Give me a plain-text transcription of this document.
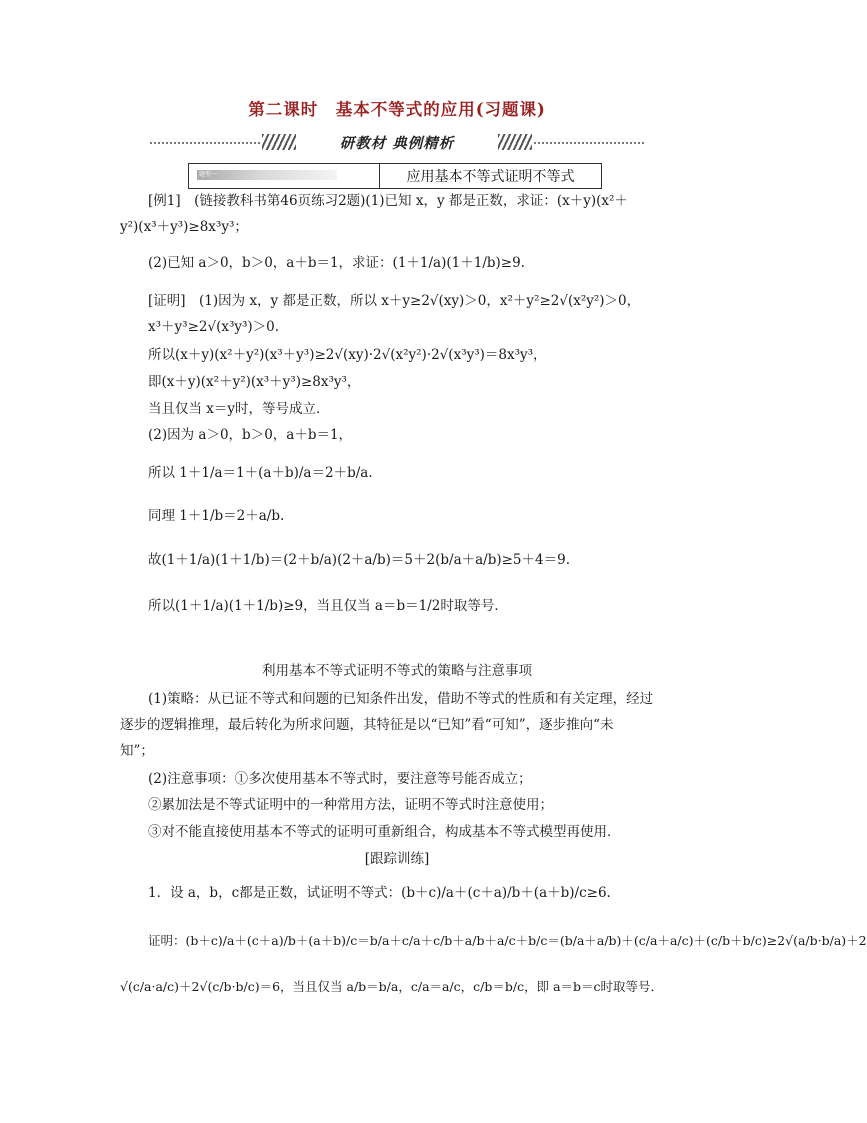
第二课时　基本不等式的应用(习题课)
研教材 典例精析
题型一	应用基本不等式证明不等式
[例1]　(链接教科书第46页练习2题)(1)已知 x，y 都是正数，求证：(x＋y)(x²＋
y²)(x³＋y³)≥8x³y³；
(2)已知 a＞0，b＞0，a＋b＝1，求证：(1＋1/a)(1＋1/b)≥9.
[证明]　(1)因为 x，y 都是正数，所以 x＋y≥2√(xy)＞0，x²＋y²≥2√(x²y²)＞0，
x³＋y³≥2√(x³y³)＞0.
所以(x＋y)(x²＋y²)(x³＋y³)≥2√(xy)·2√(x²y²)·2√(x³y³)＝8x³y³，
即(x＋y)(x²＋y²)(x³＋y³)≥8x³y³，
当且仅当 x＝y时，等号成立．
(2)因为 a＞0，b＞0，a＋b＝1，
所以 1＋1/a＝1＋(a＋b)/a＝2＋b/a.
同理 1＋1/b＝2＋a/b.
故(1＋1/a)(1＋1/b)＝(2＋b/a)(2＋a/b)＝5＋2(b/a＋a/b)≥5＋4＝9.
所以(1＋1/a)(1＋1/b)≥9，当且仅当 a＝b＝1/2时取等号．
利用基本不等式证明不等式的策略与注意事项
(1)策略：从已证不等式和问题的已知条件出发，借助不等式的性质和有关定理，经过
逐步的逻辑推理，最后转化为所求问题，其特征是以“已知”看“可知”，逐步推向“未
知”；
(2)注意事项：①多次使用基本不等式时，要注意等号能否成立；
②累加法是不等式证明中的一种常用方法，证明不等式时注意使用；
③对不能直接使用基本不等式的证明可重新组合，构成基本不等式模型再使用．
[跟踪训练]
1．设 a，b，c都是正数，试证明不等式：(b＋c)/a＋(c＋a)/b＋(a＋b)/c≥6.
证明：(b＋c)/a＋(c＋a)/b＋(a＋b)/c＝b/a＋c/a＋c/b＋a/b＋a/c＋b/c＝(b/a＋a/b)＋(c/a＋a/c)＋(c/b＋b/c)≥2√(a/b·b/a)＋2
√(c/a·a/c)＋2√(c/b·b/c)＝6，当且仅当 a/b＝b/a，c/a＝a/c，c/b＝b/c，即 a＝b＝c时取等号．
